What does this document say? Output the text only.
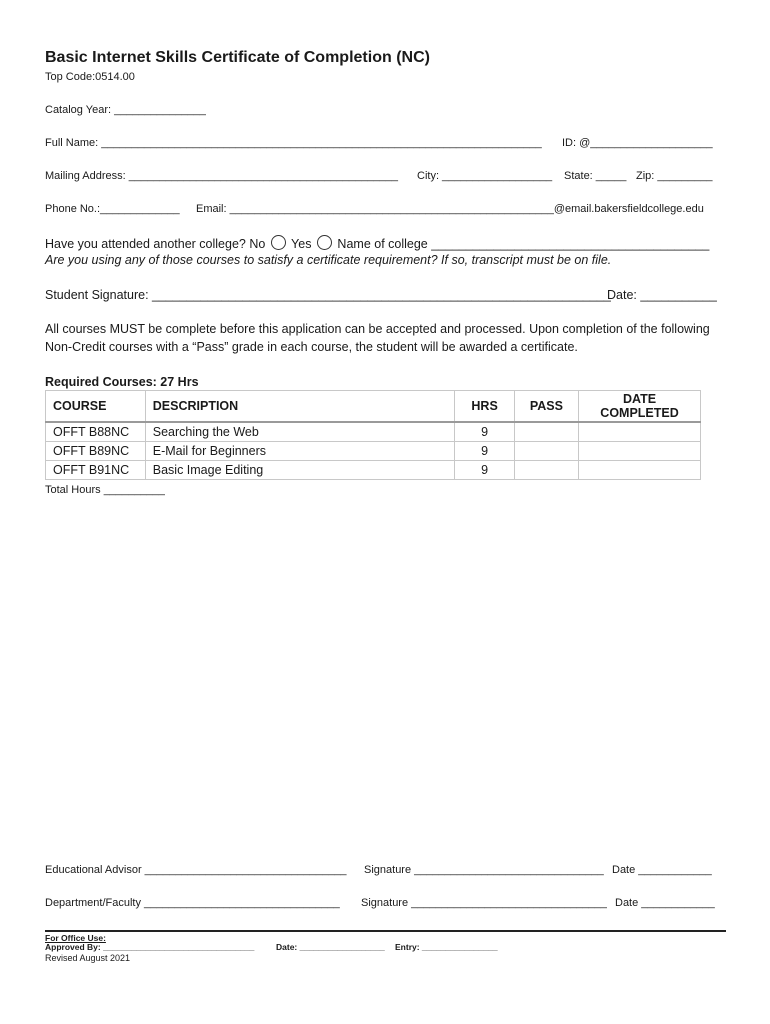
Basic Internet Skills Certificate of Completion (NC)
Top Code:0514.00
Catalog Year: _______________
Full Name: ________________________________________________________________________ ID: @____________________
Mailing Address: ____________________________________________ City: __________________ State: _____ Zip: _________
Phone No.:_____________ Email: _____________________________________________________@email.bakersfieldcollege.edu
Have you attended another college? No Yes Name of college ________________________________________
Are you using any of those courses to satisfy a certificate requirement? If so, transcript must be on file.
Student Signature: __________________________________________________________________
Date: ___________
All courses MUST be complete before this application can be accepted and processed. Upon completion of the following
Non-Credit courses with a “Pass” grade in each course, the student will be awarded a certificate.
Required Courses: 27 Hrs
COURSE	DESCRIPTION	HRS	PASS	DATE COMPLETED
OFFT B88NC	Searching the Web	9		
OFFT B89NC	E-Mail for Beginners	9		
OFFT B91NC	Basic Image Editing	9		
Total Hours __________
Educational Advisor _________________________________ Signature _______________________________ Date ____________
Department/Faculty ________________________________ Signature ________________________________ Date ____________
For Office Use:
Approved By: ________________________________	Date: __________________ Entry: ________________
Revised August 2021
